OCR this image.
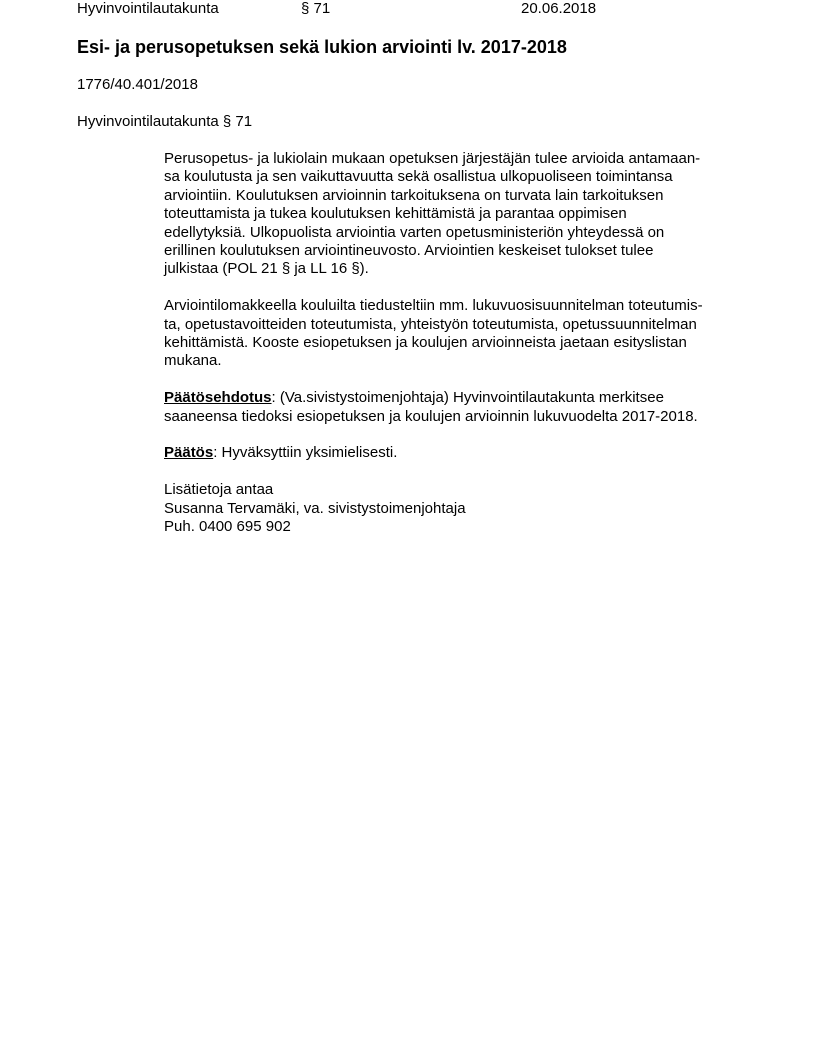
Hyvinvointilautakunta	§ 71	20.06.2018
Esi- ja perusopetuksen sekä lukion arviointi lv. 2017-2018
1776/40.401/2018
Hyvinvointilautakunta § 71

Perusopetus- ja lukiolain mukaan opetuksen järjestäjän tulee arvioida antamaan-
sa koulutusta ja sen vaikuttavuutta sekä osallistua ulkopuoliseen toimintansa
arviointiin. Koulutuksen arvioinnin tarkoituksena on turvata lain tarkoituksen
toteuttamista ja tukea koulutuksen kehittämistä ja parantaa oppimisen
edellytyksiä. Ulkopuolista arviointia varten opetusministeriön yhteydessä on
erillinen koulutuksen arviointineuvosto. Arviointien keskeiset tulokset tulee
julkistaa (POL 21 § ja LL 16 §).

Arviointilomakkeella kouluilta tiedusteltiin mm. lukuvuosisuunnitelman toteutumis-
ta, opetustavoitteiden toteutumista, yhteistyön toteutumista, opetussuunnitelman
kehittämistä. Kooste esiopetuksen ja koulujen arvioinneista jaetaan esityslistan
mukana.

Päätösehdotus: (Va.sivistystoimenjohtaja) Hyvinvointilautakunta merkitsee
saaneensa tiedoksi esiopetuksen ja koulujen arvioinnin lukuvuodelta 2017-2018.

Päätös: Hyväksyttiin yksimielisesti.

Lisätietoja antaa
Susanna Tervamäki, va. sivistystoimenjohtaja
Puh. 0400 695 902
